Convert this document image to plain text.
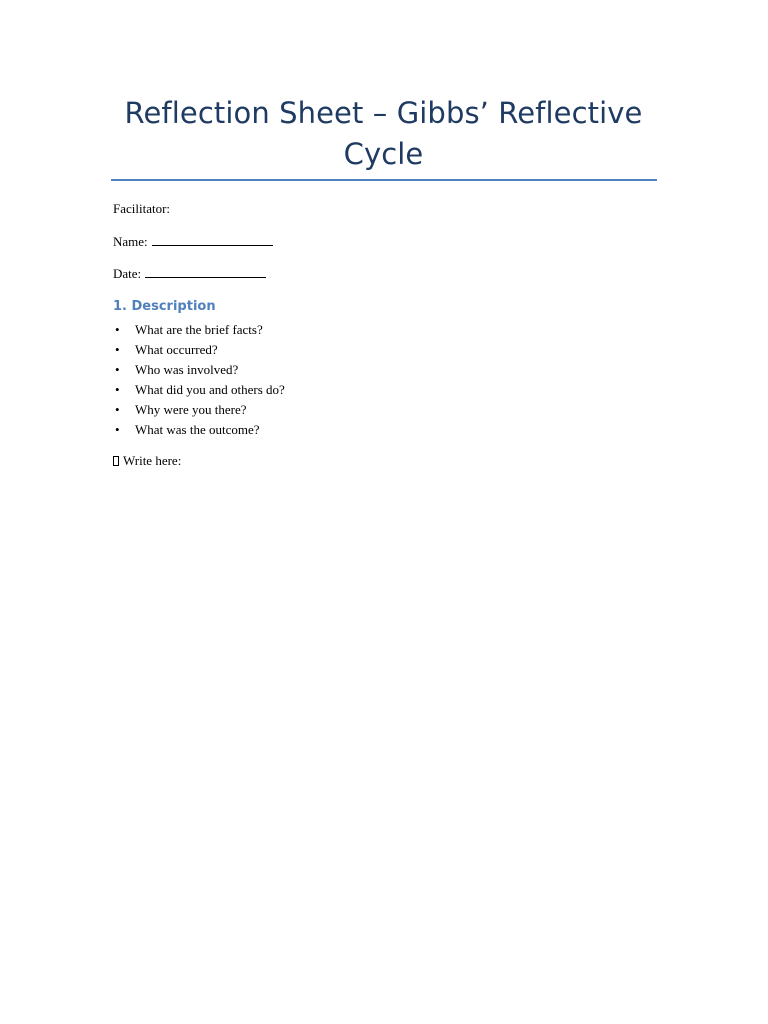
Reflection Sheet – Gibbs’ Reflective Cycle
Facilitator:
Name:
Date:
1. Description
• What are the brief facts?
• What occurred?
• Who was involved?
• What did you and others do?
• Why were you there?
• What was the outcome?
Write here:
